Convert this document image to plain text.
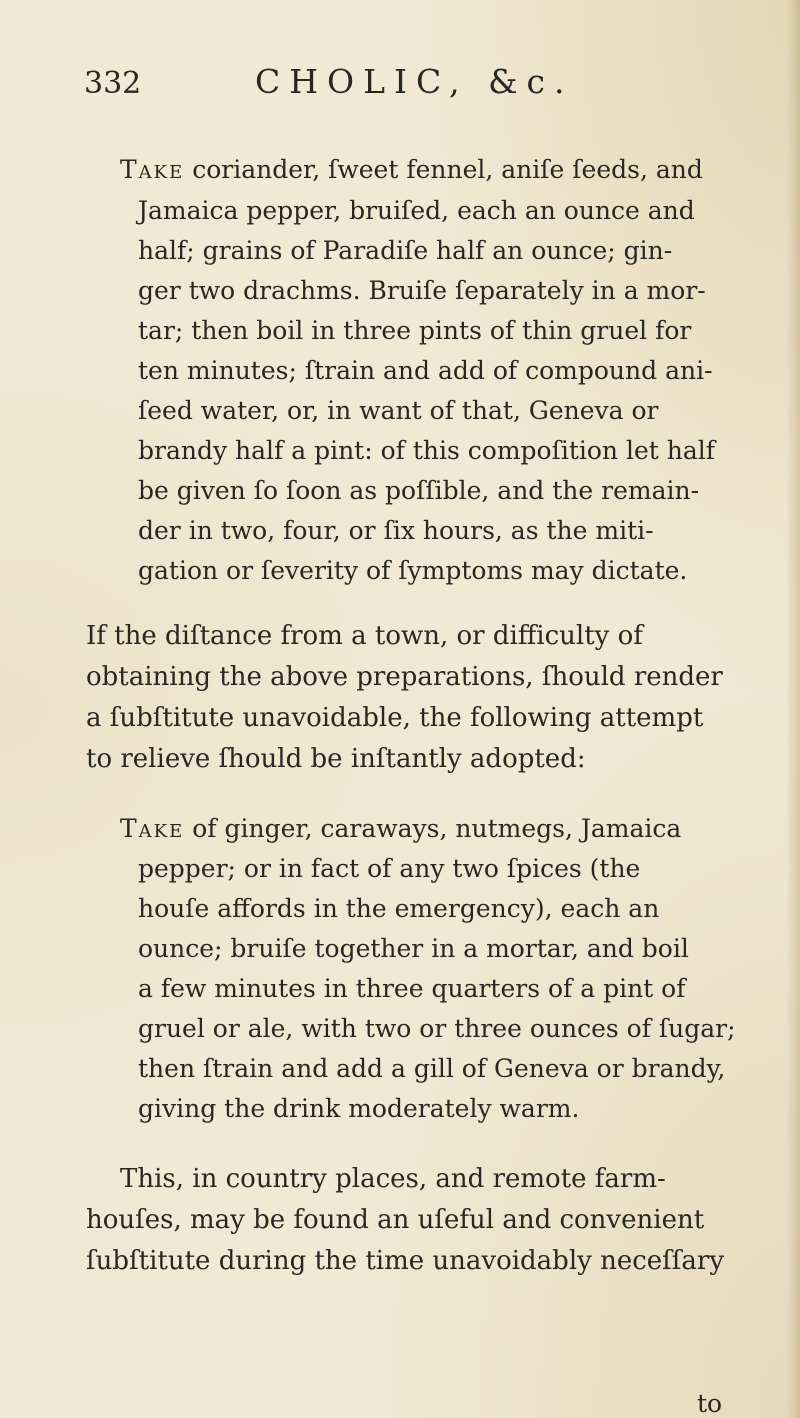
332	CHOLIC, &c.
Take coriander, ſweet fennel, aniſe ſeeds, and
Jamaica pepper, bruiſed, each an ounce and
half; grains of Paradiſe half an ounce; gin-
ger two drachms. Bruiſe ſeparately in a mor-
tar; then boil in three pints of thin gruel for
ten minutes; ſtrain and add of compound ani-
ſeed water, or, in want of that, Geneva or
brandy half a pint: of this compoſition let half
be given ſo ſoon as poſſible, and the remain-
der in two, four, or ſix hours, as the miti-
gation or ſeverity of ſymptoms may dictate.
If the diſtance from a town, or difficulty of
obtaining the above preparations, ſhould render
a ſubſtitute unavoidable, the following attempt
to relieve ſhould be inſtantly adopted:
Take of ginger, caraways, nutmegs, Jamaica
pepper; or in fact of any two ſpices (the
houſe affords in the emergency), each an
ounce; bruiſe together in a mortar, and boil
a few minutes in three quarters of a pint of
gruel or ale, with two or three ounces of ſugar;
then ſtrain and add a gill of Geneva or brandy,
giving the drink moderately warm.
This, in country places, and remote farm-
houſes, may be found an uſeful and convenient
ſubſtitute during the time unavoidably neceſſary
to
